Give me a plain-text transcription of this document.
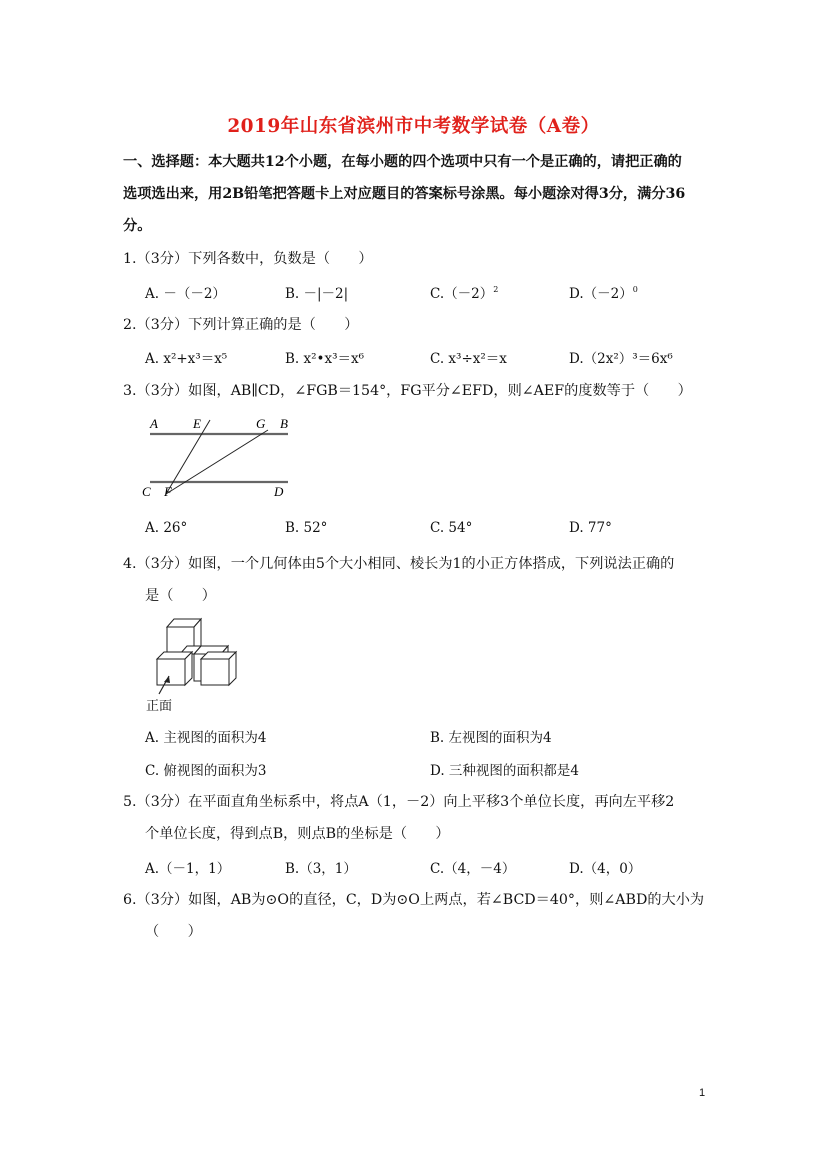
2019年山东省滨州市中考数学试卷（A卷）
一、选择题：本大题共12个小题，在每小题的四个选项中只有一个是正确的，请把正确的
选项选出来，用2B铅笔把答题卡上对应题目的答案标号涂黑。每小题涂对得3分，满分36
分。
1.（3分）下列各数中，负数是（　　）
A. －（－2）	B. －|－2|	$C.(-2)^2$	$D.(-2)^0$
2.（3分）下列计算正确的是（　　）
A. x²+x³＝x⁵	B. x²•x³＝x⁶	C. x³÷x²＝x	D.（2x²）³＝6x⁶
3.（3分）如图，AB∥CD，∠FGB＝154°，FG平分∠EFD，则∠AEF的度数等于（　　）
A	E	G B
C F	D
A. 26°	B. 52°	C. 54°	D. 77°
4.（3分）如图，一个几何体由5个大小相同、棱长为1的小正方体搭成，下列说法正确的
是（　　）
正面
A. 主视图的面积为4	B. 左视图的面积为4
C. 俯视图的面积为3	D. 三种视图的面积都是4
5.（3分）在平面直角坐标系中，将点A（1，－2）向上平移3个单位长度，再向左平移2
个单位长度，得到点B，则点B的坐标是（　　）
A.（－1，1）	B.（3，1）	C.（4，－4）	D.（4，0）
6.（3分）如图，AB为⊙O的直径，C，D为⊙O上两点，若∠BCD＝40°，则∠ABD的大小为
（　　）
1
